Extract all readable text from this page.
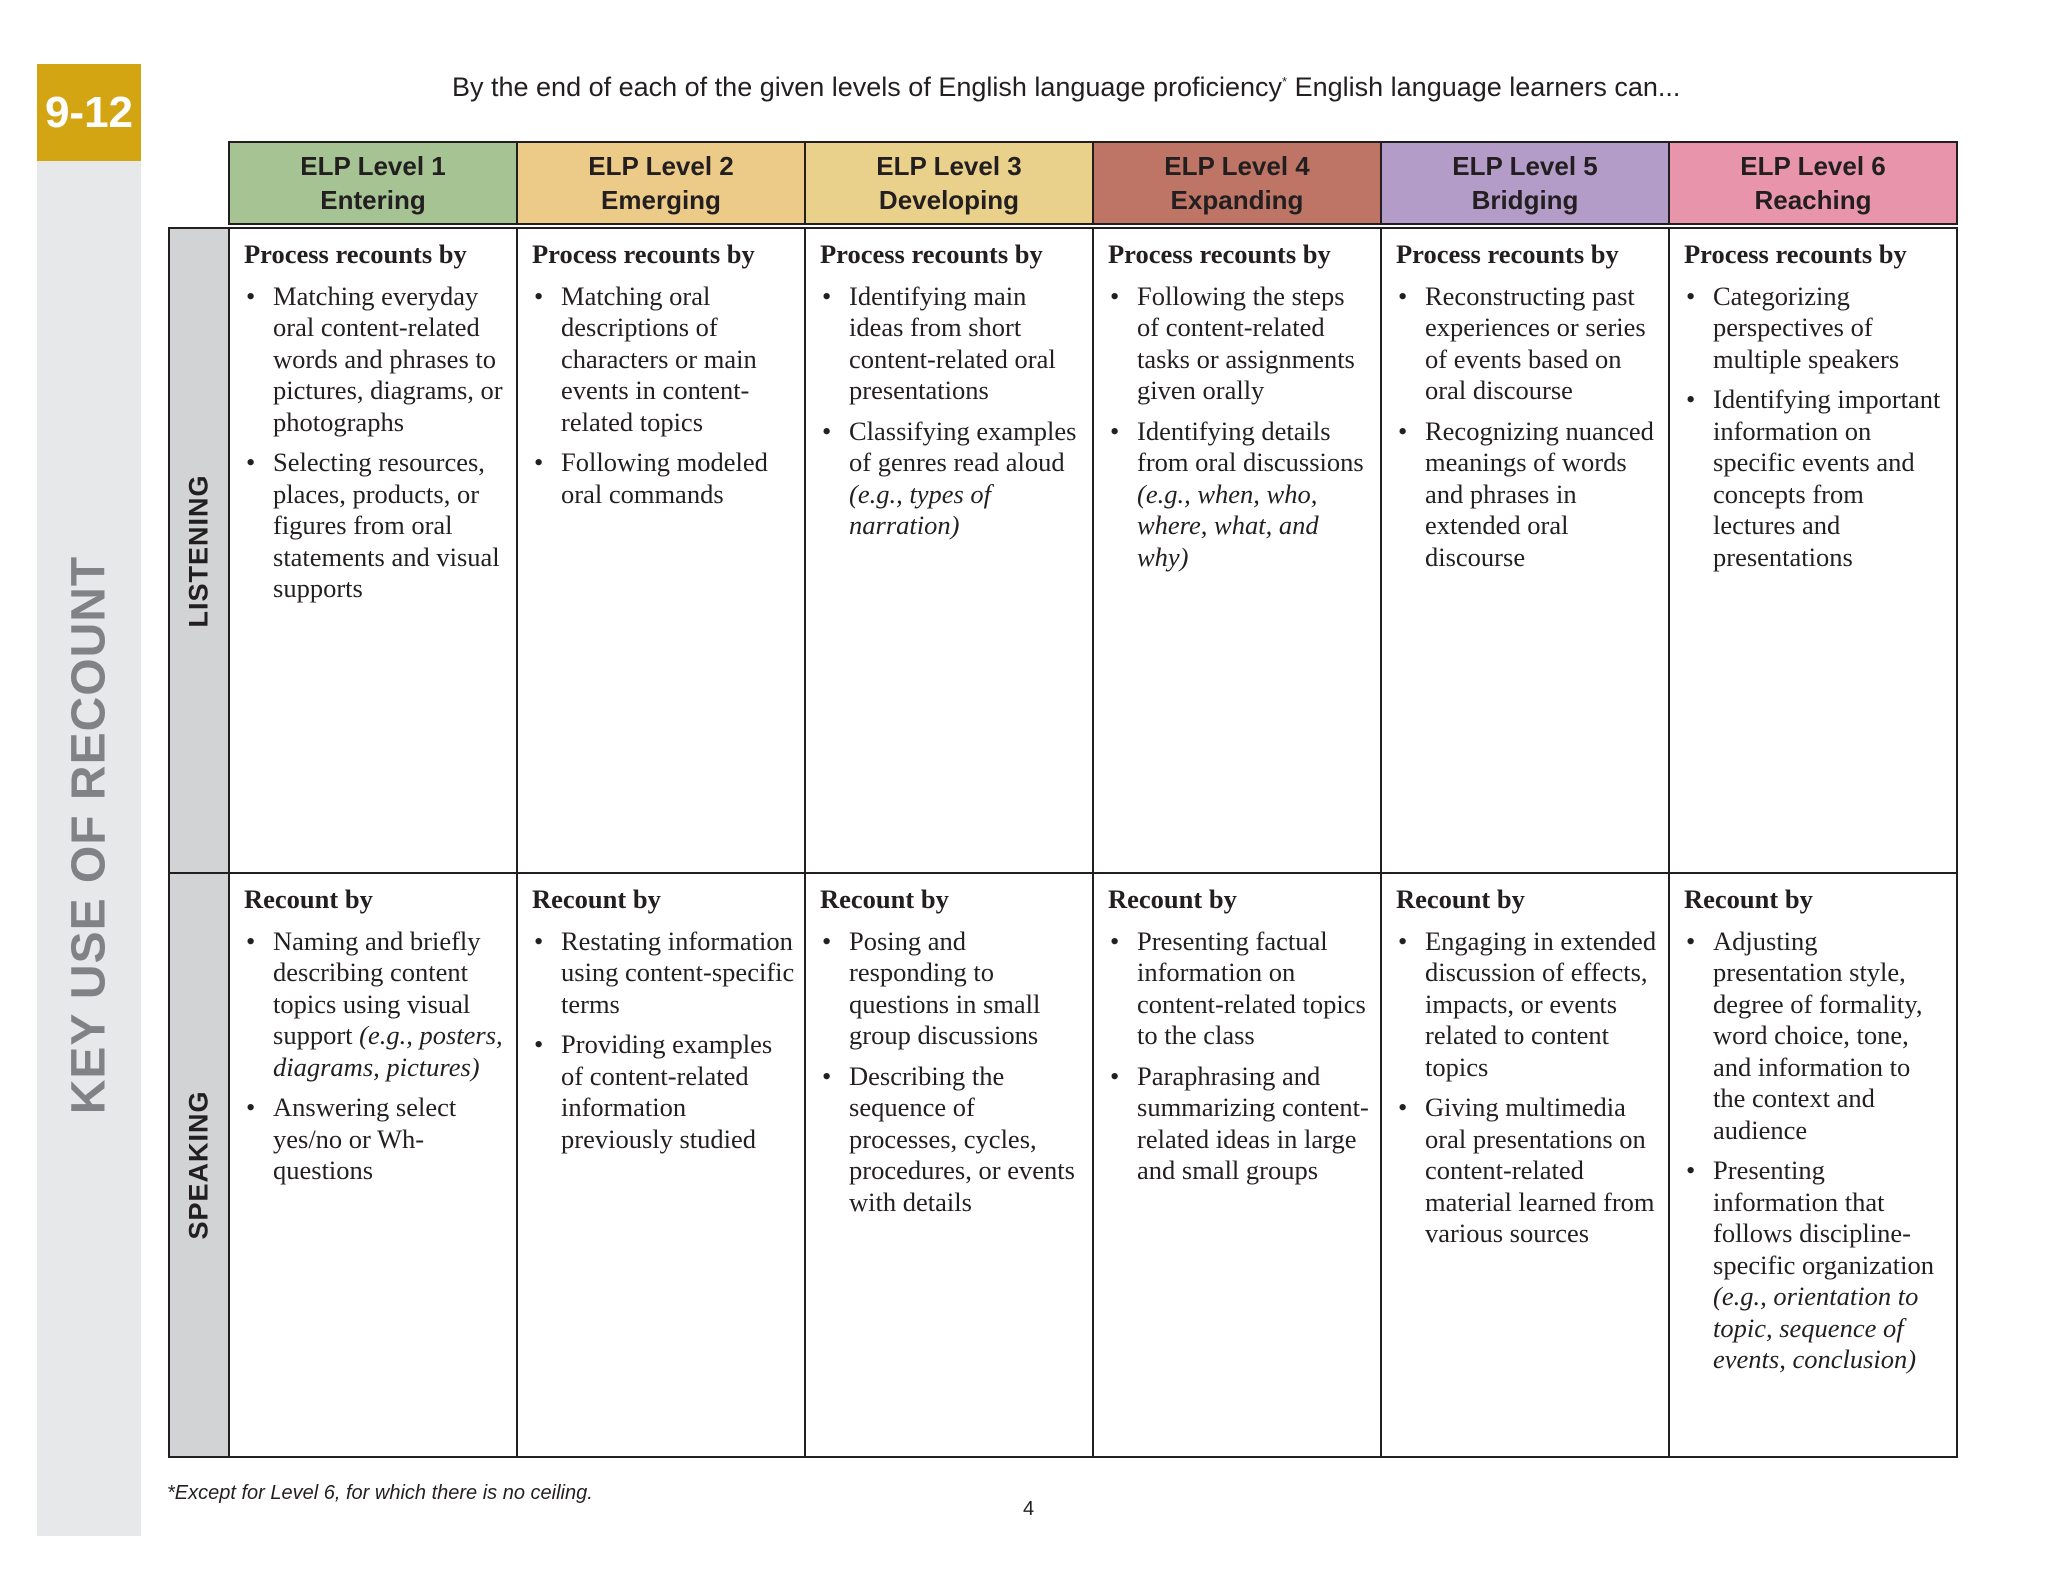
9-12
KEY USE OF RECOUNT
By the end of each of the given levels of English language proficiency* English language learners can...
ELP Level 1
Entering
ELP Level 2
Emerging
ELP Level 3
Developing
ELP Level 4
Expanding
ELP Level 5
Bridging
ELP Level 6
Reaching
LISTENING
SPEAKING
Process recounts by
• Matching everyday oral content-related words and phrases to pictures, diagrams, or photographs
• Selecting resources, places, products, or figures from oral statements and visual supports
Process recounts by
• Matching oral descriptions of characters or main events in content-related topics
• Following modeled oral commands
Process recounts by
• Identifying main ideas from short content-related oral presentations
• Classifying examples of genres read aloud (e.g., types of narration)
Process recounts by
• Following the steps of content-related tasks or assignments given orally
• Identifying details from oral discussions (e.g., when, who, where, what, and why)
Process recounts by
• Reconstructing past experiences or series of events based on oral discourse
• Recognizing nuanced meanings of words and phrases in extended oral discourse
Process recounts by
• Categorizing perspectives of multiple speakers
• Identifying important information on specific events and concepts from lectures and presentations
Recount by
• Naming and briefly describing content topics using visual support (e.g., posters, diagrams, pictures)
• Answering select yes/no or Wh-questions
Recount by
• Restating information using content-specific terms
• Providing examples of content-related information previously studied
Recount by
• Posing and responding to questions in small group discussions
• Describing the sequence of processes, cycles, procedures, or events with details
Recount by
• Presenting factual information on content-related topics to the class
• Paraphrasing and summarizing content-related ideas in large and small groups
Recount by
• Engaging in extended discussion of effects, impacts, or events related to content topics
• Giving multimedia oral presentations on content-related material learned from various sources
Recount by
• Adjusting presentation style, degree of formality, word choice, tone, and information to the context and audience
• Presenting information that follows discipline-specific organization (e.g., orientation to topic, sequence of events, conclusion)
*Except for Level 6, for which there is no ceiling.
4
